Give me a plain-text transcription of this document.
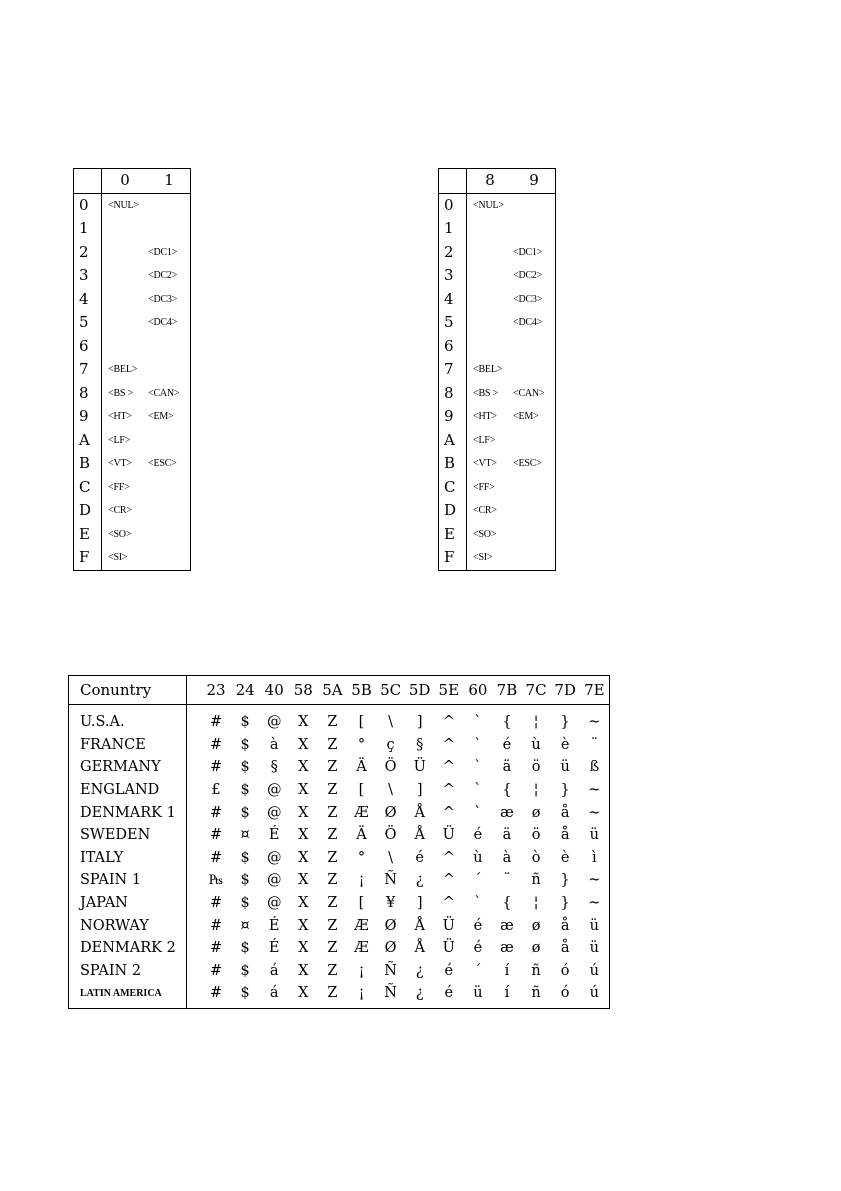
	0	1
0	<NUL>	
1		
2		<DC1>
3		<DC2>
4		<DC3>
5		<DC4>
6		
7	<BEL>	
8	<BS >	<CAN>
9	<HT>	<EM>
A	<LF>	
B	<VT>	<ESC>
C	<FF>	
D	<CR>	
E	<SO>	
F	<SI>	
	8	9
0	<NUL>	
1		
2		<DC1>
3		<DC2>
4		<DC3>
5		<DC4>
6		
7	<BEL>	
8	<BS >	<CAN>
9	<HT>	<EM>
A	<LF>	
B	<VT>	<ESC>
C	<FF>	
D	<CR>	
E	<SO>	
F	<SI>	
Conuntry		23	24	40	58	5A	5B	5C	5D	5E	60	7B	7C	7D	7E
U.S.A.		#	$	@	X	Z	[	\	]	^	`	{	¦	}	~
FRANCE		#	$	à	X	Z	°	ç	§	^	`	é	ù	è	¨
GERMANY		#	$	§	X	Z	Ä	Ö	Ü	^	`	ä	ö	ü	ß
ENGLAND		£	$	@	X	Z	[	\	]	^	`	{	¦	}	~
DENMARK 1		#	$	@	X	Z	Æ	Ø	Å	^	`	æ	ø	å	~
SWEDEN		#	¤	É	X	Z	Ä	Ö	Å	Ü	é	ä	ö	å	ü
ITALY		#	$	@	X	Z	°	\	é	^	ù	à	ò	è	ì
SPAIN 1		₧	$	@	X	Z	¡	Ñ	¿	^	´	¨	ñ	}	~
JAPAN		#	$	@	X	Z	[	¥	]	^	`	{	¦	}	~
NORWAY		#	¤	É	X	Z	Æ	Ø	Å	Ü	é	æ	ø	å	ü
DENMARK 2		#	$	É	X	Z	Æ	Ø	Å	Ü	é	æ	ø	å	ü
SPAIN 2		#	$	á	X	Z	¡	Ñ	¿	é	´	í	ñ	ó	ú
LATIN AMERICA		#	$	á	X	Z	¡	Ñ	¿	é	ü	í	ñ	ó	ú
